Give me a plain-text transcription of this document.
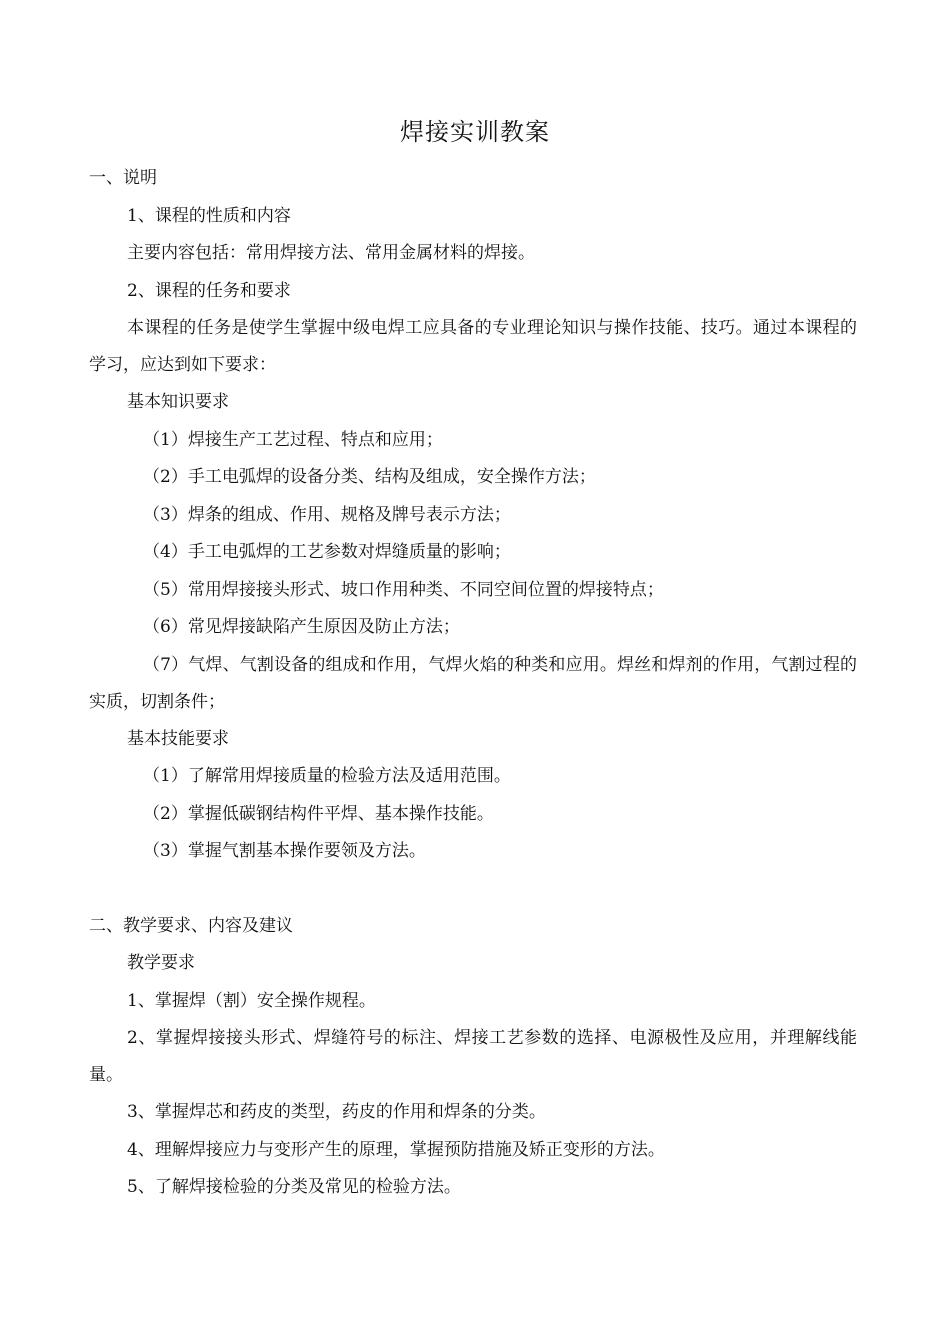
焊接实训教案

一、说明

1、课程的性质和内容

主要内容包括：常用焊接方法、常用金属材料的焊接。

2、课程的任务和要求

本课程的任务是使学生掌握中级电焊工应具备的专业理论知识与操作技能、技巧。通过本课程的学习，应达到如下要求：

基本知识要求

（1）焊接生产工艺过程、特点和应用；

（2）手工电弧焊的设备分类、结构及组成，安全操作方法；

（3）焊条的组成、作用、规格及牌号表示方法；

（4）手工电弧焊的工艺参数对焊缝质量的影响；

（5）常用焊接接头形式、坡口作用种类、不同空间位置的焊接特点；

（6）常见焊接缺陷产生原因及防止方法；

（7）气焊、气割设备的组成和作用，气焊火焰的种类和应用。焊丝和焊剂的作用，气割过程的实质，切割条件；

基本技能要求

（1）了解常用焊接质量的检验方法及适用范围。

（2）掌握低碳钢结构件平焊、基本操作技能。

（3）掌握气割基本操作要领及方法。

二、教学要求、内容及建议

教学要求

1、掌握焊（割）安全操作规程。

2、掌握焊接接头形式、焊缝符号的标注、焊接工艺参数的选择、电源极性及应用，并理解线能量。

3、掌握焊芯和药皮的类型，药皮的作用和焊条的分类。

4、理解焊接应力与变形产生的原理，掌握预防措施及矫正变形的方法。

5、了解焊接检验的分类及常见的检验方法。
